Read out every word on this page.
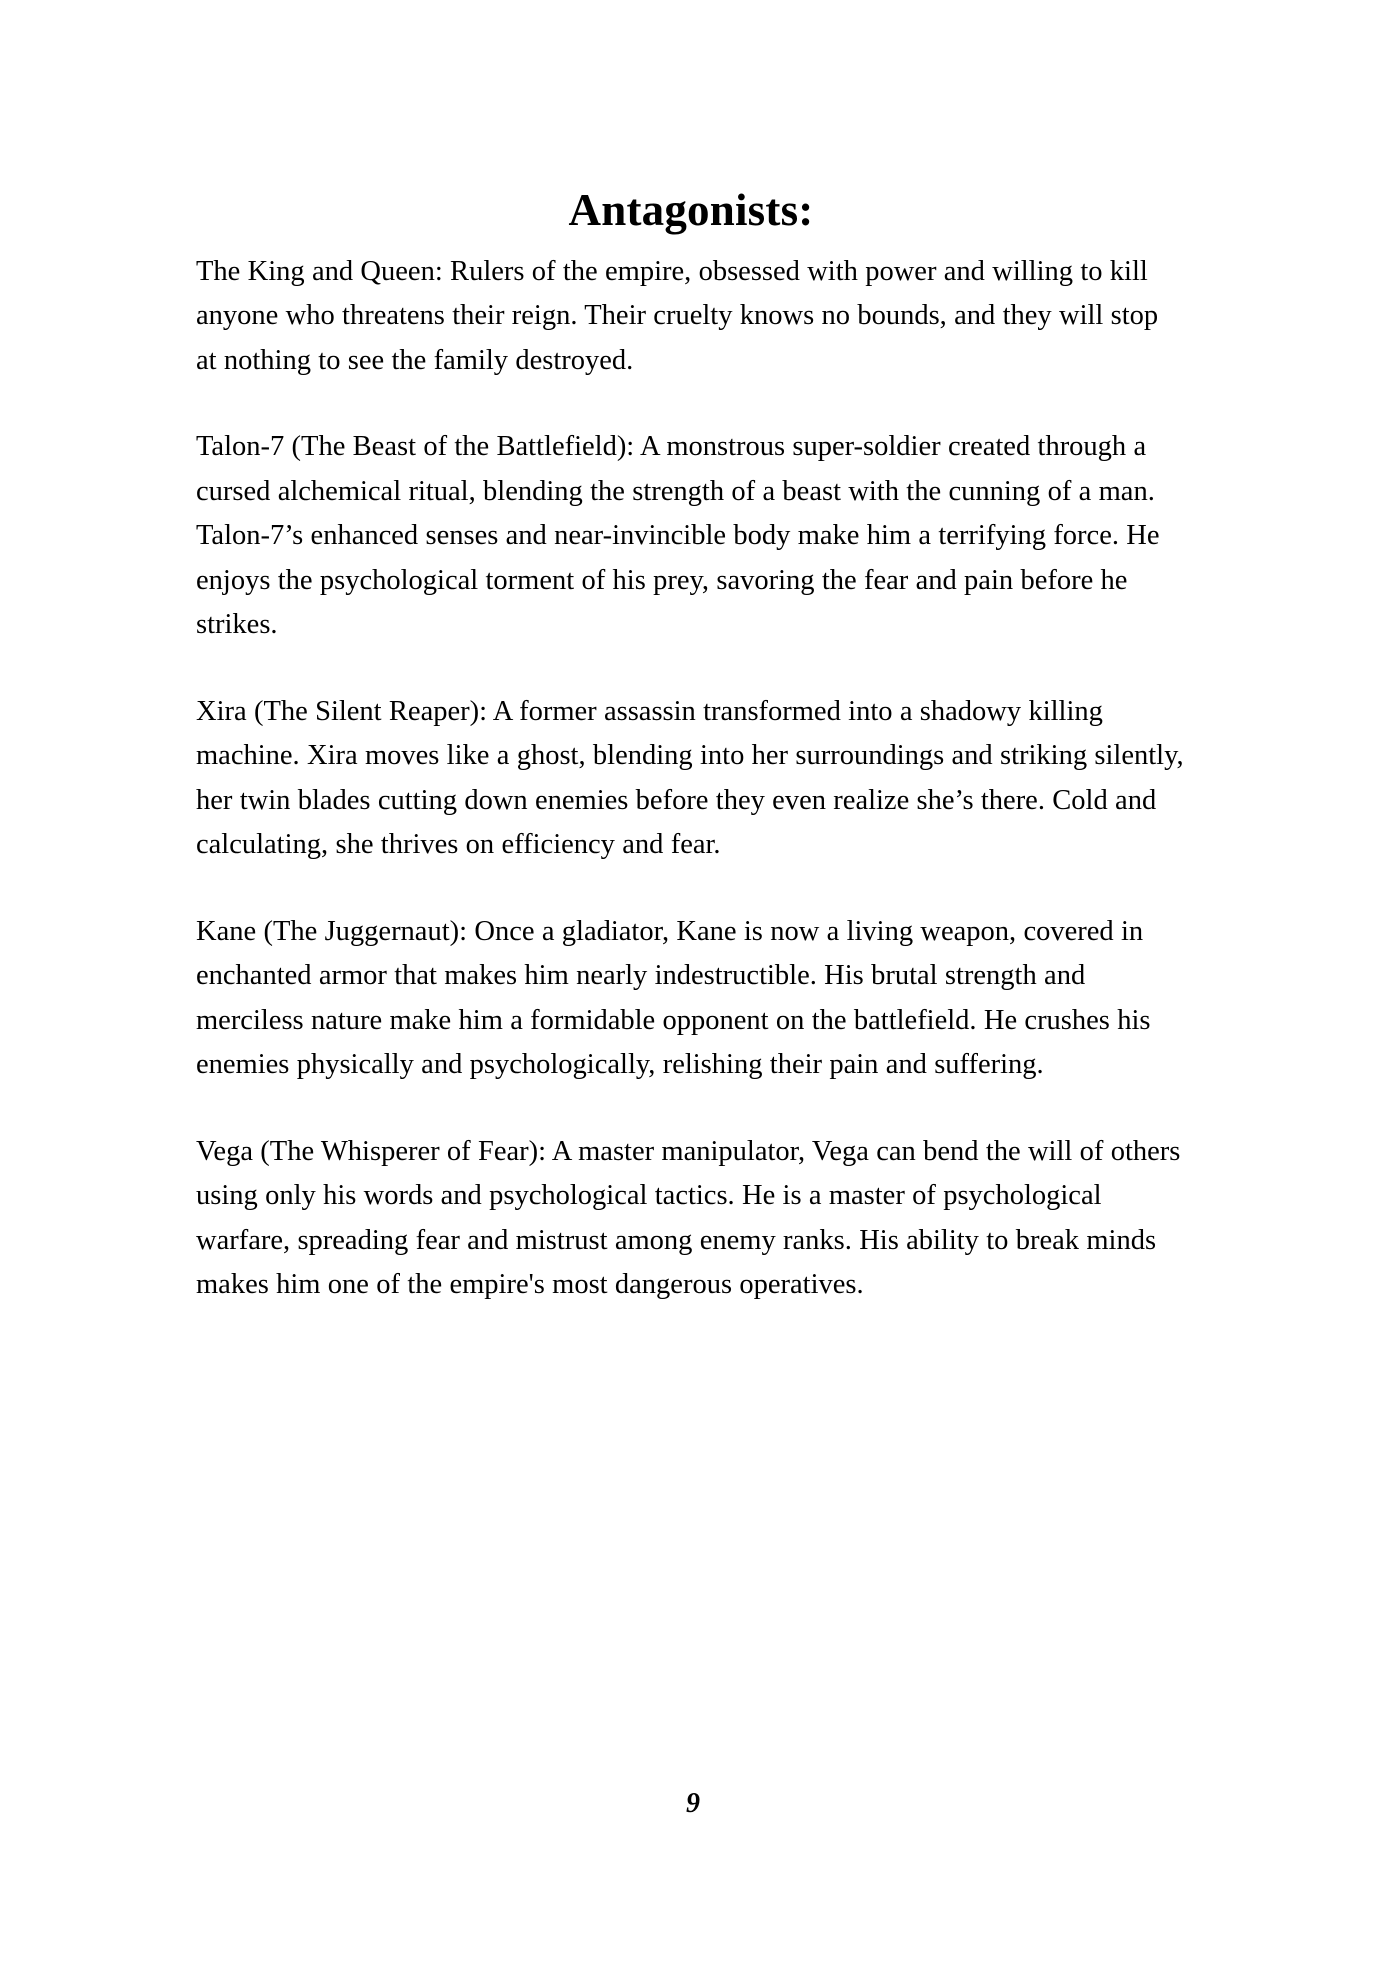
Antagonists:

The King and Queen: Rulers of the empire, obsessed with power and willing to kill anyone who threatens their reign. Their cruelty knows no bounds, and they will stop at nothing to see the family destroyed.

Talon-7 (The Beast of the Battlefield): A monstrous super-soldier created through a cursed alchemical ritual, blending the strength of a beast with the cunning of a man. Talon-7’s enhanced senses and near-invincible body make him a terrifying force. He enjoys the psychological torment of his prey, savoring the fear and pain before he strikes.

Xira (The Silent Reaper): A former assassin transformed into a shadowy killing machine. Xira moves like a ghost, blending into her surroundings and striking silently, her twin blades cutting down enemies before they even realize she’s there. Cold and calculating, she thrives on efficiency and fear.

Kane (The Juggernaut): Once a gladiator, Kane is now a living weapon, covered in enchanted armor that makes him nearly indestructible. His brutal strength and merciless nature make him a formidable opponent on the battlefield. He crushes his enemies physically and psychologically, relishing their pain and suffering.

Vega (The Whisperer of Fear): A master manipulator, Vega can bend the will of others using only his words and psychological tactics. He is a master of psychological warfare, spreading fear and mistrust among enemy ranks. His ability to break minds makes him one of the empire's most dangerous operatives.

9
